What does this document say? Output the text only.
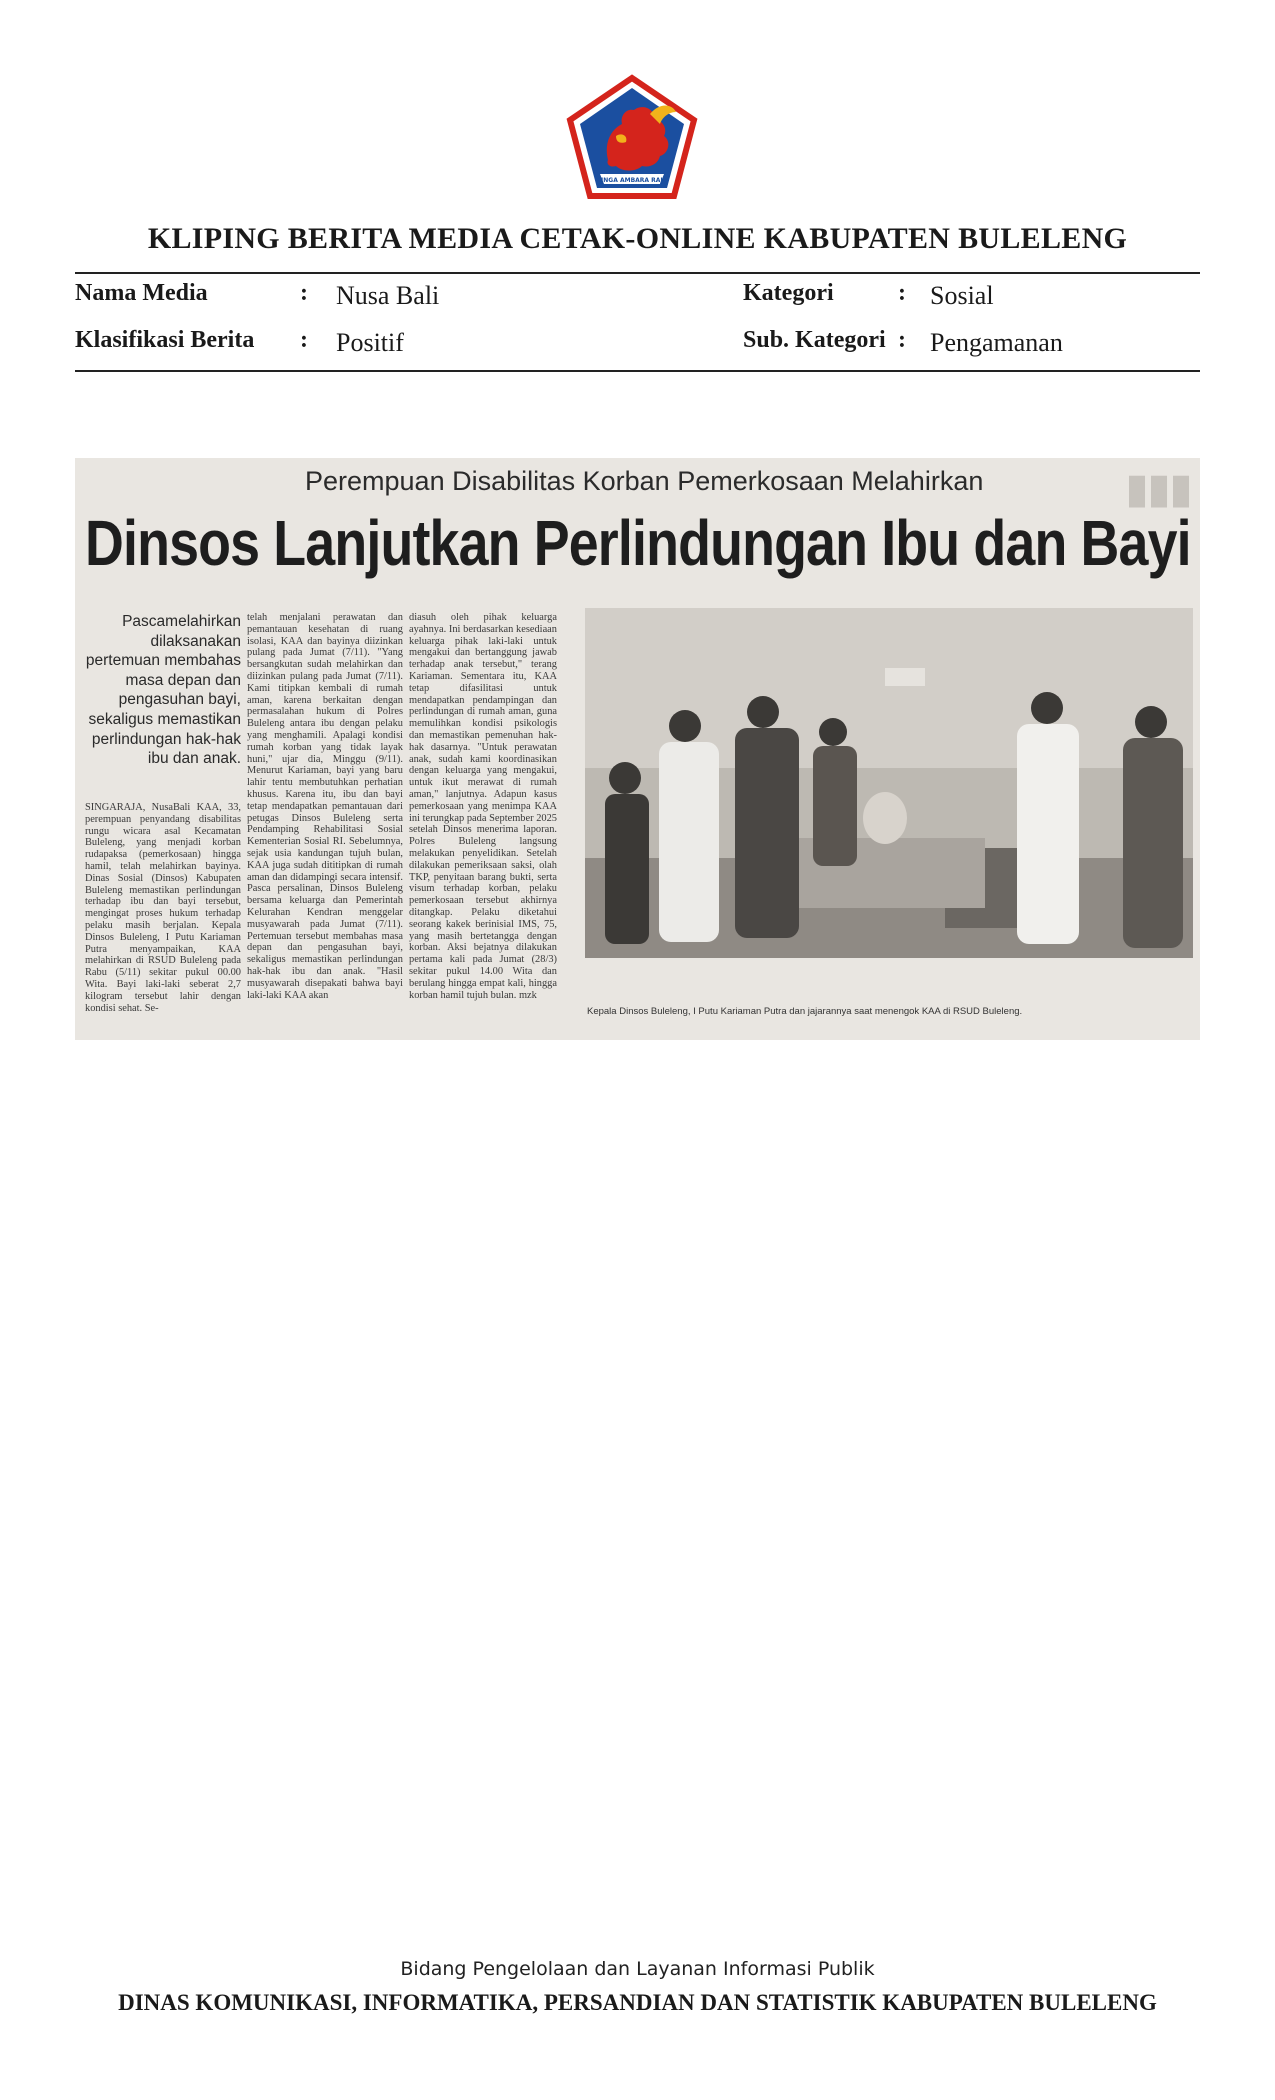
SINGA AMBARA RAJA
KLIPING BERITA MEDIA CETAK-ONLINE KABUPATEN BULELENG
Nama Media	: Nusa Bali
Klasifikasi Berita : Positif
Kategori	: Sosial
Sub. Kategori : Pengamanan
▮▮▮
Perempuan Disabilitas Korban Pemerkosaan Melahirkan
Dinsos Lanjutkan Perlindungan Ibu dan Bayi
Pascamelahirkan dilaksanakan pertemuan membahas masa depan dan pengasuhan bayi, sekaligus memastikan perlindungan hak-hak ibu dan anak.
SINGARAJA, NusaBali KAA, 33, perempuan penyandang disabilitas rungu wicara asal Kecamatan Buleleng, yang menjadi korban rudapaksa (pemerkosaan) hingga hamil, telah melahirkan bayinya. Dinas Sosial (Dinsos) Kabupaten Buleleng memastikan perlindungan terhadap ibu dan bayi tersebut, mengingat proses hukum terhadap pelaku masih berjalan. Kepala Dinsos Buleleng, I Putu Kariaman Putra menyampaikan, KAA melahirkan di RSUD Buleleng pada Rabu (5/11) sekitar pukul 00.00 Wita. Bayi laki-laki seberat 2,7 kilogram tersebut lahir dengan kondisi sehat. Se-
telah menjalani perawatan dan pemantauan kesehatan di ruang isolasi, KAA dan bayinya diizinkan pulang pada Jumat (7/11). "Yang bersangkutan sudah melahirkan dan diizinkan pulang pada Jumat (7/11). Kami titipkan kembali di rumah aman, karena berkaitan dengan permasalahan hukum di Polres Buleleng antara ibu dengan pelaku yang menghamili. Apalagi kondisi rumah korban yang tidak layak huni," ujar dia, Minggu (9/11). Menurut Kariaman, bayi yang baru lahir tentu membutuhkan perhatian khusus. Karena itu, ibu dan bayi tetap mendapatkan pemantauan dari petugas Dinsos Buleleng serta Pendamping Rehabilitasi Sosial Kementerian Sosial RI. Sebelumnya, sejak usia kandungan tujuh bulan, KAA juga sudah dititipkan di rumah aman dan didampingi secara intensif. Pasca persalinan, Dinsos Buleleng bersama keluarga dan Pemerintah Kelurahan Kendran menggelar musyawarah pada Jumat (7/11). Pertemuan tersebut membahas masa depan dan pengasuhan bayi, sekaligus memastikan perlindungan hak-hak ibu dan anak. "Hasil musyawarah disepakati bahwa bayi laki-laki KAA akan
diasuh oleh pihak keluarga ayahnya. Ini berdasarkan kesediaan keluarga pihak laki-laki untuk mengakui dan bertanggung jawab terhadap anak tersebut," terang Kariaman. Sementara itu, KAA tetap difasilitasi untuk mendapatkan pendampingan dan perlindungan di rumah aman, guna memulihkan kondisi psikologis dan memastikan pemenuhan hak-hak dasarnya. "Untuk perawatan anak, sudah kami koordinasikan dengan keluarga yang mengakui, untuk ikut merawat di rumah aman," lanjutnya. Adapun kasus pemerkosaan yang menimpa KAA ini terungkap pada September 2025 setelah Dinsos menerima laporan. Polres Buleleng langsung melakukan penyelidikan. Setelah dilakukan pemeriksaan saksi, olah TKP, penyitaan barang bukti, serta visum terhadap korban, pelaku pemerkosaan tersebut akhirnya ditangkap. Pelaku diketahui seorang kakek berinisial IMS, 75, yang masih bertetangga dengan korban. Aksi bejatnya dilakukan pertama kali pada Jumat (28/3) sekitar pukul 14.00 Wita dan berulang hingga empat kali, hingga korban hamil tujuh bulan. mzk
Kepala Dinsos Buleleng, I Putu Kariaman Putra dan jajarannya saat menengok KAA di RSUD Buleleng.
Bidang Pengelolaan dan Layanan Informasi Publik
DINAS KOMUNIKASI, INFORMATIKA, PERSANDIAN DAN STATISTIK KABUPATEN BULELENG
